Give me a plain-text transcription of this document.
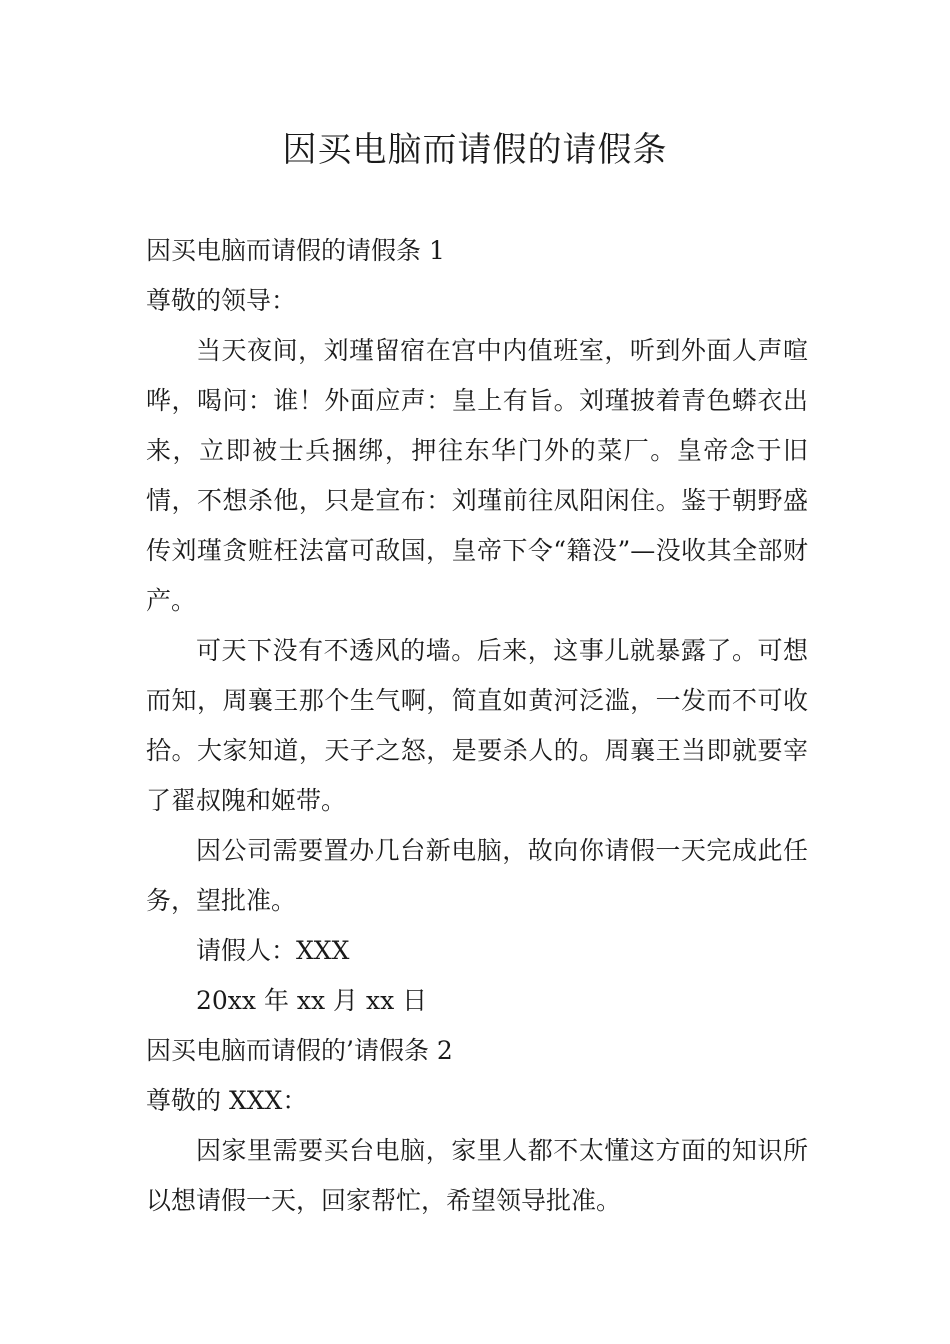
因买电脑而请假的请假条

因买电脑而请假的请假条 1

尊敬的领导：

当天夜间，刘瑾留宿在宫中内值班室，听到外面人声喧哗，喝问：谁！外面应声：皇上有旨。刘瑾披着青色蟒衣出来，立即被士兵捆绑，押往东华门外的菜厂。皇帝念于旧情，不想杀他，只是宣布：刘瑾前往凤阳闲住。鉴于朝野盛传刘瑾贪赃枉法富可敌国，皇帝下令“籍没”—没收其全部财产。

可天下没有不透风的墙。后来，这事儿就暴露了。可想而知，周襄王那个生气啊，简直如黄河泛滥，一发而不可收拾。大家知道，天子之怒，是要杀人的。周襄王当即就要宰了翟叔隗和姬带。

因公司需要置办几台新电脑，故向你请假一天完成此任务，望批准。

请假人：XXX

20xx 年 xx 月 xx 日

因买电脑而请假的’请假条 2

尊敬的 XXX：

因家里需要买台电脑，家里人都不太懂这方面的知识所以想请假一天，回家帮忙，希望领导批准。
